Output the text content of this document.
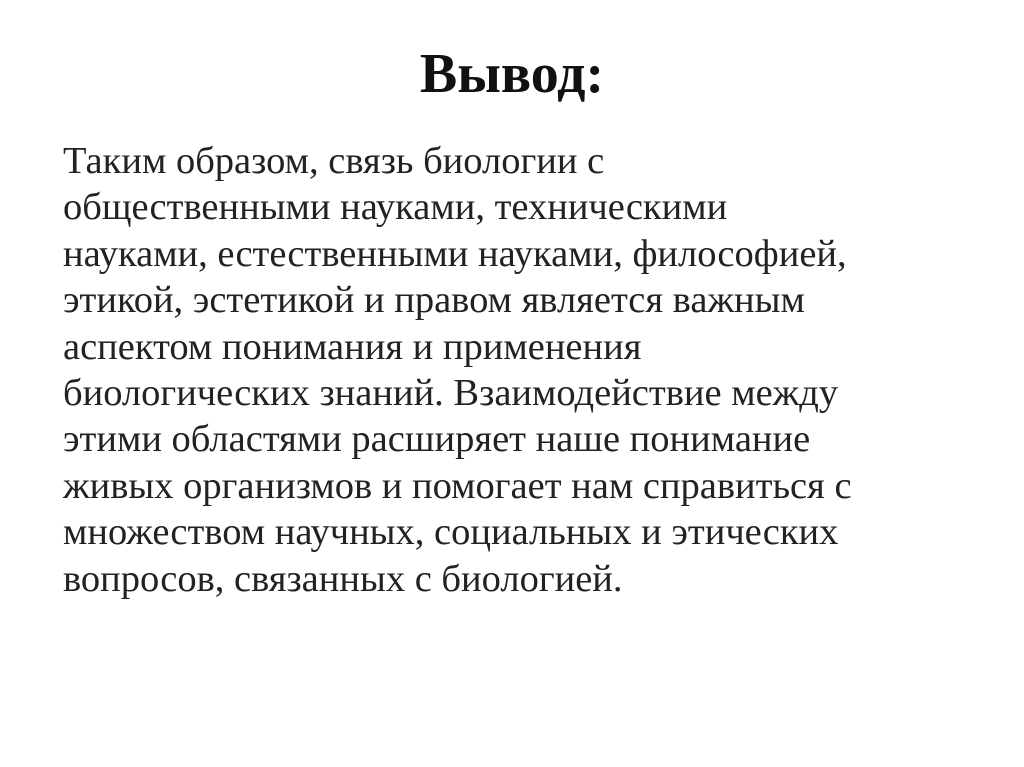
Вывод:
Таким образом, связь биологии с
общественными науками, техническими
науками, естественными науками, философией,
этикой, эстетикой и правом является важным
аспектом понимания и применения
биологических знаний. Взаимодействие между
этими областями расширяет наше понимание
живых организмов и помогает нам справиться с
множеством научных, социальных и этических
вопросов, связанных с биологией.
